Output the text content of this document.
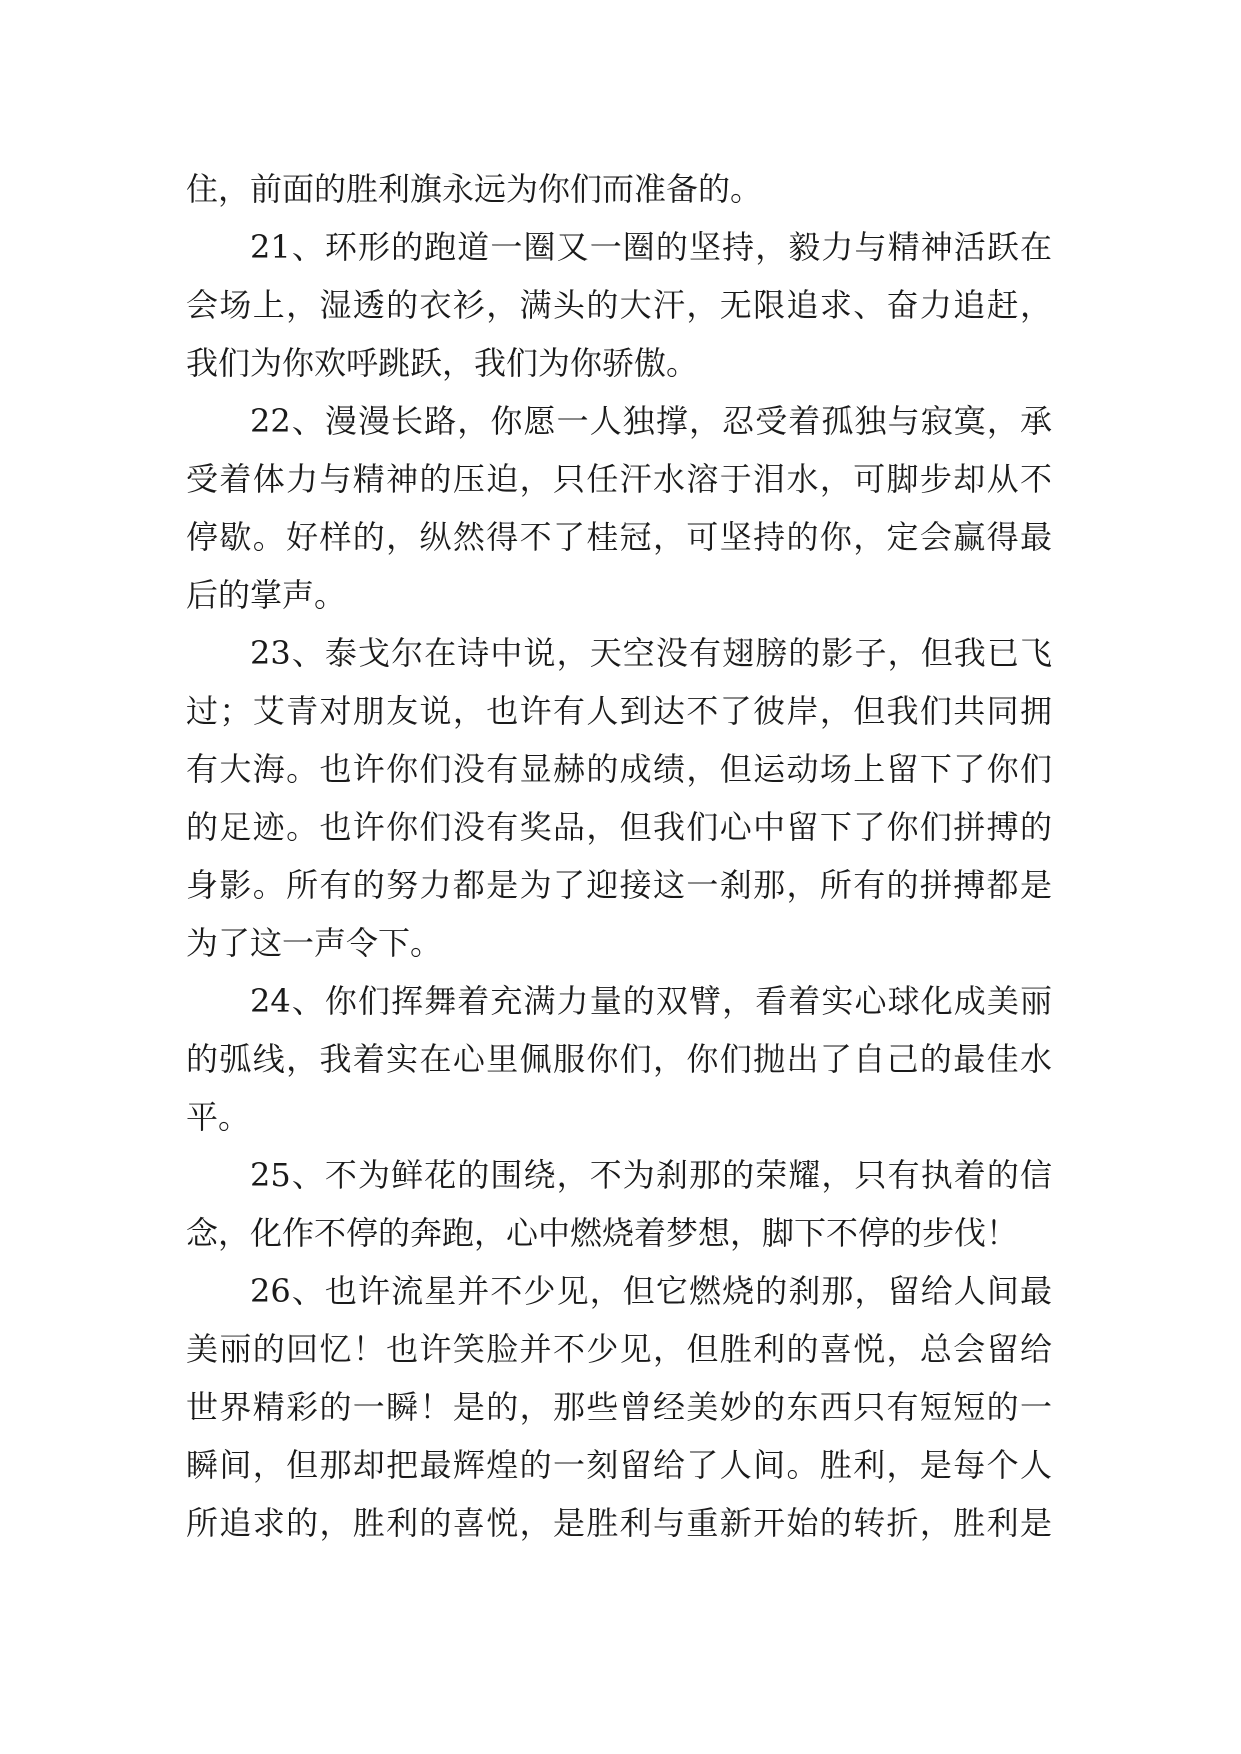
住，前面的胜利旗永远为你们而准备的。
21、环形的跑道一圈又一圈的坚持，毅力与精神活跃在
会场上，湿透的衣衫，满头的大汗，无限追求、奋力追赶，
我们为你欢呼跳跃，我们为你骄傲。
22、漫漫长路，你愿一人独撑，忍受着孤独与寂寞，承
受着体力与精神的压迫，只任汗水溶于泪水，可脚步却从不
停歇。好样的，纵然得不了桂冠，可坚持的你，定会赢得最
后的掌声。
23、泰戈尔在诗中说，天空没有翅膀的影子，但我已飞
过；艾青对朋友说，也许有人到达不了彼岸，但我们共同拥
有大海。也许你们没有显赫的成绩，但运动场上留下了你们
的足迹。也许你们没有奖品，但我们心中留下了你们拼搏的
身影。所有的努力都是为了迎接这一刹那，所有的拼搏都是
为了这一声令下。
24、你们挥舞着充满力量的双臂，看着实心球化成美丽
的弧线，我着实在心里佩服你们，你们抛出了自己的最佳水
平。
25、不为鲜花的围绕，不为刹那的荣耀，只有执着的信
念，化作不停的奔跑，心中燃烧着梦想，脚下不停的步伐！
26、也许流星并不少见，但它燃烧的刹那，留给人间最
美丽的回忆！也许笑脸并不少见，但胜利的喜悦，总会留给
世界精彩的一瞬！是的，那些曾经美妙的东西只有短短的一
瞬间，但那却把最辉煌的一刻留给了人间。胜利，是每个人
所追求的，胜利的喜悦，是胜利与重新开始的转折，胜利是
